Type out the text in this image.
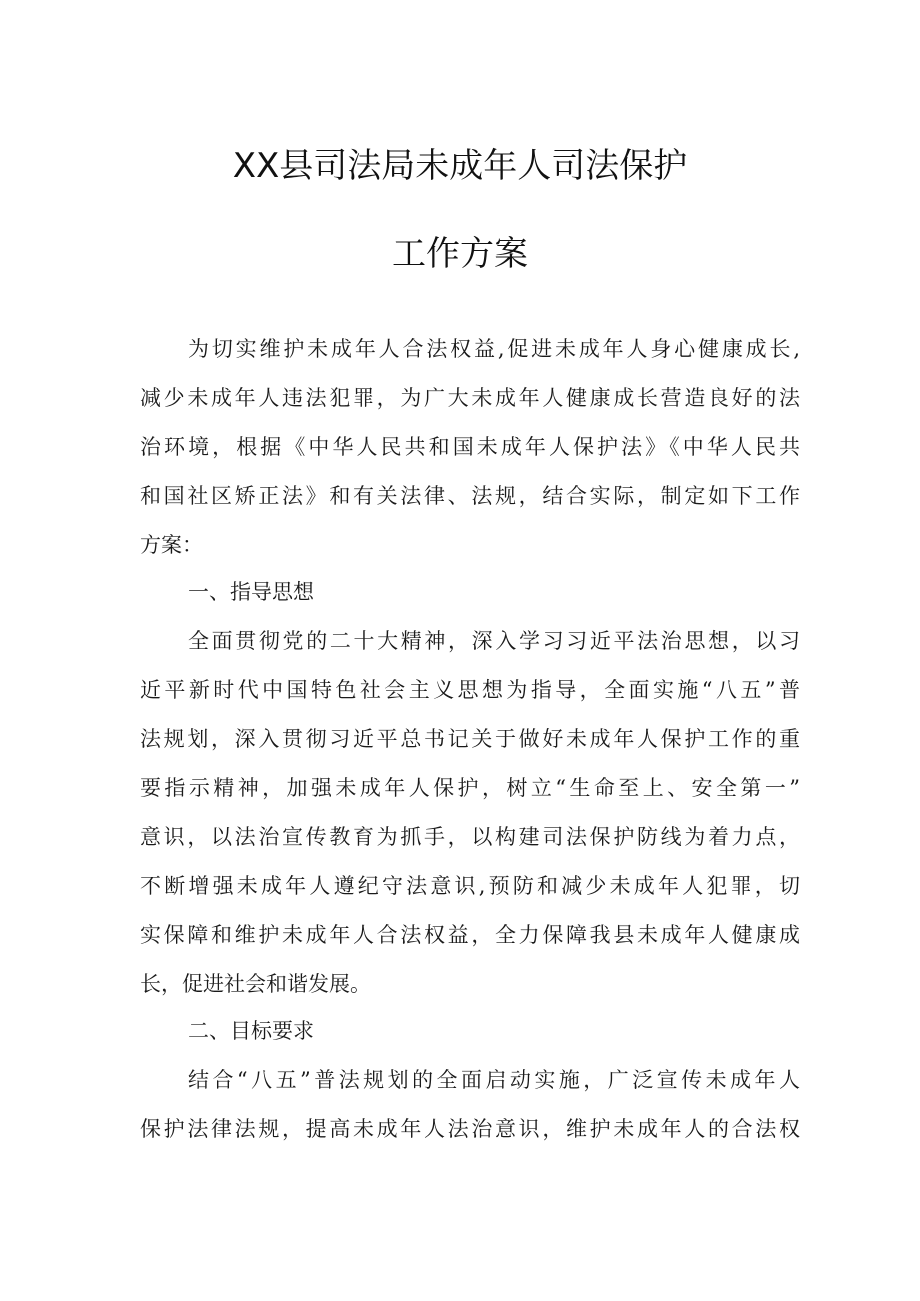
XX县司法局未成年人司法保护
工作方案
为切实维护未成年人合法权益,促进未成年人身心健康成长,
减少未成年人违法犯罪，为广大未成年人健康成长营造良好的法
治环境，根据《中华人民共和国未成年人保护法》《中华人民共
和国社区矫正法》和有关法律、法规，结合实际，制定如下工作
方案：
一、指导思想
全面贯彻党的二十大精神，深入学习习近平法治思想，以习
近平新时代中国特色社会主义思想为指导，全面实施“八五”普
法规划，深入贯彻习近平总书记关于做好未成年人保护工作的重
要指示精神，加强未成年人保护，树立“生命至上、安全第一”
意识，以法治宣传教育为抓手，以构建司法保护防线为着力点，
不断增强未成年人遵纪守法意识,预防和减少未成年人犯罪，切
实保障和维护未成年人合法权益，全力保障我县未成年人健康成
长，促进社会和谐发展。
二、目标要求
结合“八五”普法规划的全面启动实施，广泛宣传未成年人
保护法律法规，提高未成年人法治意识，维护未成年人的合法权
